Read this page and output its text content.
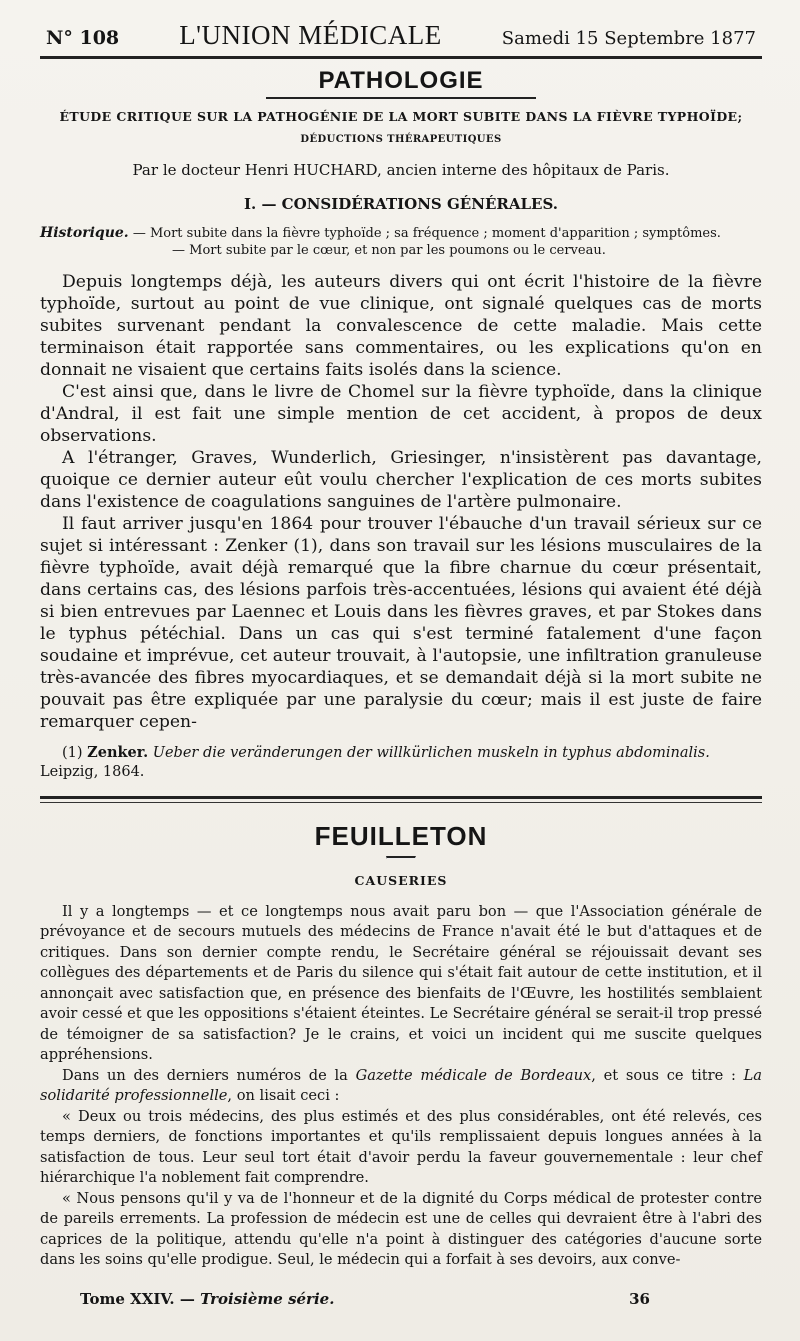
N° 108 L'UNION MÉDICALE	Samedi 15 Septembre 1877
PATHOLOGIE
ÉTUDE CRITIQUE SUR LA PATHOGÉNIE DE LA MORT SUBITE DANS LA FIÈVRE TYPHOÏDE;
DÉDUCTIONS THÉRAPEUTIQUES
Par le docteur Henri HUCHARD, ancien interne des hôpitaux de Paris.
I. — CONSIDÉRATIONS GÉNÉRALES.
Historique. — Mort subite dans la fièvre typhoïde ; sa fréquence ; moment d'apparition ; symptômes.
— Mort subite par le cœur, et non par les poumons ou le cerveau.

Depuis longtemps déjà, les auteurs divers qui ont écrit l'histoire de la fièvre typhoïde, surtout au point de vue clinique, ont signalé quelques cas de morts subites survenant pendant la convalescence de cette maladie. Mais cette terminaison était rapportée sans commentaires, ou les explications qu'on en donnait ne visaient que certains faits isolés dans la science.

C'est ainsi que, dans le livre de Chomel sur la fièvre typhoïde, dans la clinique d'Andral, il est fait une simple mention de cet accident, à propos de deux observations.

A l'étranger, Graves, Wunderlich, Griesinger, n'insistèrent pas davantage, quoique ce dernier auteur eût voulu chercher l'explication de ces morts subites dans l'existence de coagulations sanguines de l'artère pulmonaire.

Il faut arriver jusqu'en 1864 pour trouver l'ébauche d'un travail sérieux sur ce sujet si intéressant : Zenker (1), dans son travail sur les lésions musculaires de la fièvre typhoïde, avait déjà remarqué que la fibre charnue du cœur présentait, dans certains cas, des lésions parfois très-accentuées, lésions qui avaient été déjà si bien entrevues par Laennec et Louis dans les fièvres graves, et par Stokes dans le typhus pétéchial. Dans un cas qui s'est terminé fatalement d'une façon soudaine et imprévue, cet auteur trouvait, à l'autopsie, une infiltration granuleuse très-avancée des fibres myocardiaques, et se demandait déjà si la mort subite ne pouvait pas être expliquée par une paralysie du cœur; mais il est juste de faire remarquer cepen-

(1) Zenker. Ueber die veränderungen der willkürlichen muskeln in typhus abdominalis. Leipzig, 1864.
FEUILLETON
CAUSERIES

Il y a longtemps — et ce longtemps nous avait paru bon — que l'Association générale de prévoyance et de secours mutuels des médecins de France n'avait été le but d'attaques et de critiques. Dans son dernier compte rendu, le Secrétaire général se réjouissait devant ses collègues des départements et de Paris du silence qui s'était fait autour de cette institution, et il annonçait avec satisfaction que, en présence des bienfaits de l'Œuvre, les hostilités semblaient avoir cessé et que les oppositions s'étaient éteintes. Le Secrétaire général se serait-il trop pressé de témoigner de sa satisfaction? Je le crains, et voici un incident qui me suscite quelques appréhensions.

Dans un des derniers numéros de la Gazette médicale de Bordeaux, et sous ce titre : La solidarité professionnelle, on lisait ceci :

« Deux ou trois médecins, des plus estimés et des plus considérables, ont été relevés, ces temps derniers, de fonctions importantes et qu'ils remplissaient depuis longues années à la satisfaction de tous. Leur seul tort était d'avoir perdu la faveur gouvernementale : leur chef hiérarchique l'a noblement fait comprendre.

« Nous pensons qu'il y va de l'honneur et de la dignité du Corps médical de protester contre de pareils errements. La profession de médecin est une de celles qui devraient être à l'abri des caprices de la politique, attendu qu'elle n'a point à distinguer des catégories d'aucune sorte dans les soins qu'elle prodigue. Seul, le médecin qui a forfait à ses devoirs, aux conve-

Tome XXIV. — Troisième série.	36
